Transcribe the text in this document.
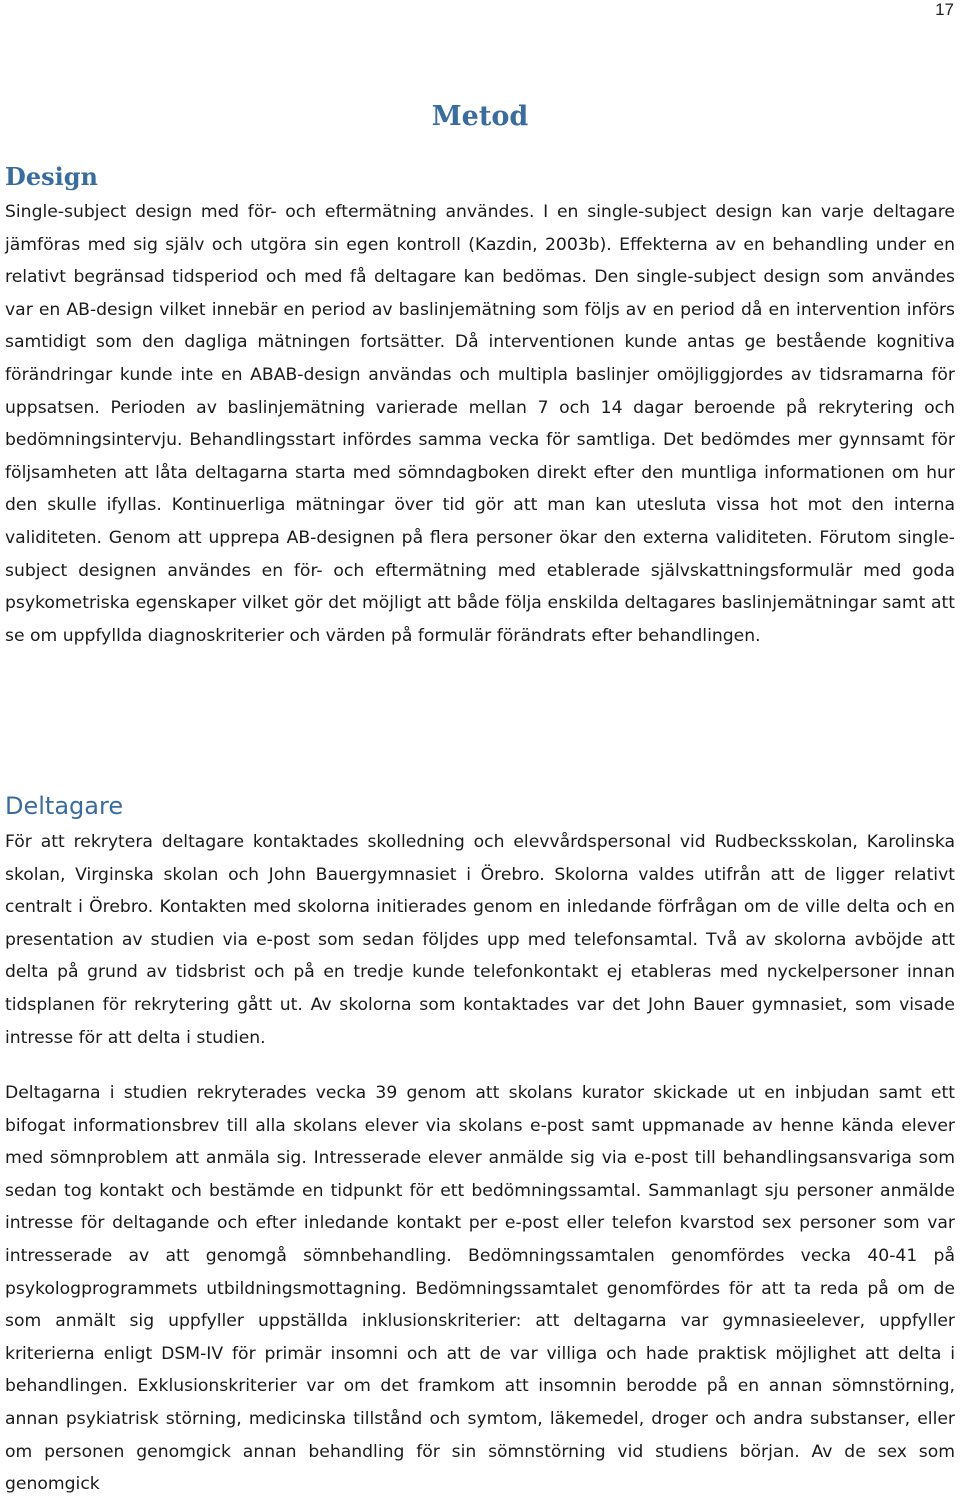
17
Metod
Design

Single-subject design med för- och eftermätning användes. I en single-subject design kan varje deltagare jämföras med sig själv och utgöra sin egen kontroll (Kazdin, 2003b). Effekterna av en behandling under en relativt begränsad tidsperiod och med få deltagare kan bedömas. Den single-subject design som användes var en AB-design vilket innebär en period av baslinjemätning som följs av en period då en intervention införs samtidigt som den dagliga mätningen fortsätter. Då interventionen kunde antas ge bestående kognitiva förändringar kunde inte en ABAB-design användas och multipla baslinjer omöjliggjordes av tidsramarna för uppsatsen. Perioden av baslinjemätning varierade mellan 7 och 14 dagar beroende på rekrytering och bedömningsintervju. Behandlingsstart infördes samma vecka för samtliga. Det bedömdes mer gynnsamt för följsamheten att låta deltagarna starta med sömndagboken direkt efter den muntliga informationen om hur den skulle ifyllas. Kontinuerliga mätningar över tid gör att man kan utesluta vissa hot mot den interna validiteten. Genom att upprepa AB-designen på flera personer ökar den externa validiteten. Förutom single-subject designen användes en för- och eftermätning med etablerade självskattningsformulär med goda psykometriska egenskaper vilket gör det möjligt att både följa enskilda deltagares baslinjemätningar samt att se om uppfyllda diagnoskriterier och värden på formulär förändrats efter behandlingen.

Deltagare

För att rekrytera deltagare kontaktades skolledning och elevvårdspersonal vid Rudbecksskolan, Karolinska skolan, Virginska skolan och John Bauergymnasiet i Örebro. Skolorna valdes utifrån att de ligger relativt centralt i Örebro. Kontakten med skolorna initierades genom en inledande förfrågan om de ville delta och en presentation av studien via e-post som sedan följdes upp med telefonsamtal. Två av skolorna avböjde att delta på grund av tidsbrist och på en tredje kunde telefonkontakt ej etableras med nyckelpersoner innan tidsplanen för rekrytering gått ut. Av skolorna som kontaktades var det John Bauer gymnasiet, som visade intresse för att delta i studien.

Deltagarna i studien rekryterades vecka 39 genom att skolans kurator skickade ut en inbjudan samt ett bifogat informationsbrev till alla skolans elever via skolans e-post samt uppmanade av henne kända elever med sömnproblem att anmäla sig. Intresserade elever anmälde sig via e-post till behandlingsansvariga som sedan tog kontakt och bestämde en tidpunkt för ett bedömningssamtal. Sammanlagt sju personer anmälde intresse för deltagande och efter inledande kontakt per e-post eller telefon kvarstod sex personer som var intresserade av att genomgå sömnbehandling. Bedömningssamtalen genomfördes vecka 40-41 på psykologprogrammets utbildningsmottagning. Bedömningssamtalet genomfördes för att ta reda på om de som anmält sig uppfyller uppställda inklusionskriterier: att deltagarna var gymnasieelever, uppfyller kriterierna enligt DSM-IV för primär insomni och att de var villiga och hade praktisk möjlighet att delta i behandlingen. Exklusionskriterier var om det framkom att insomnin berodde på en annan sömnstörning, annan psykiatrisk störning, medicinska tillstånd och symtom, läkemedel, droger och andra substanser, eller om personen genomgick annan behandling för sin sömnstörning vid studiens början. Av de sex som genomgick
